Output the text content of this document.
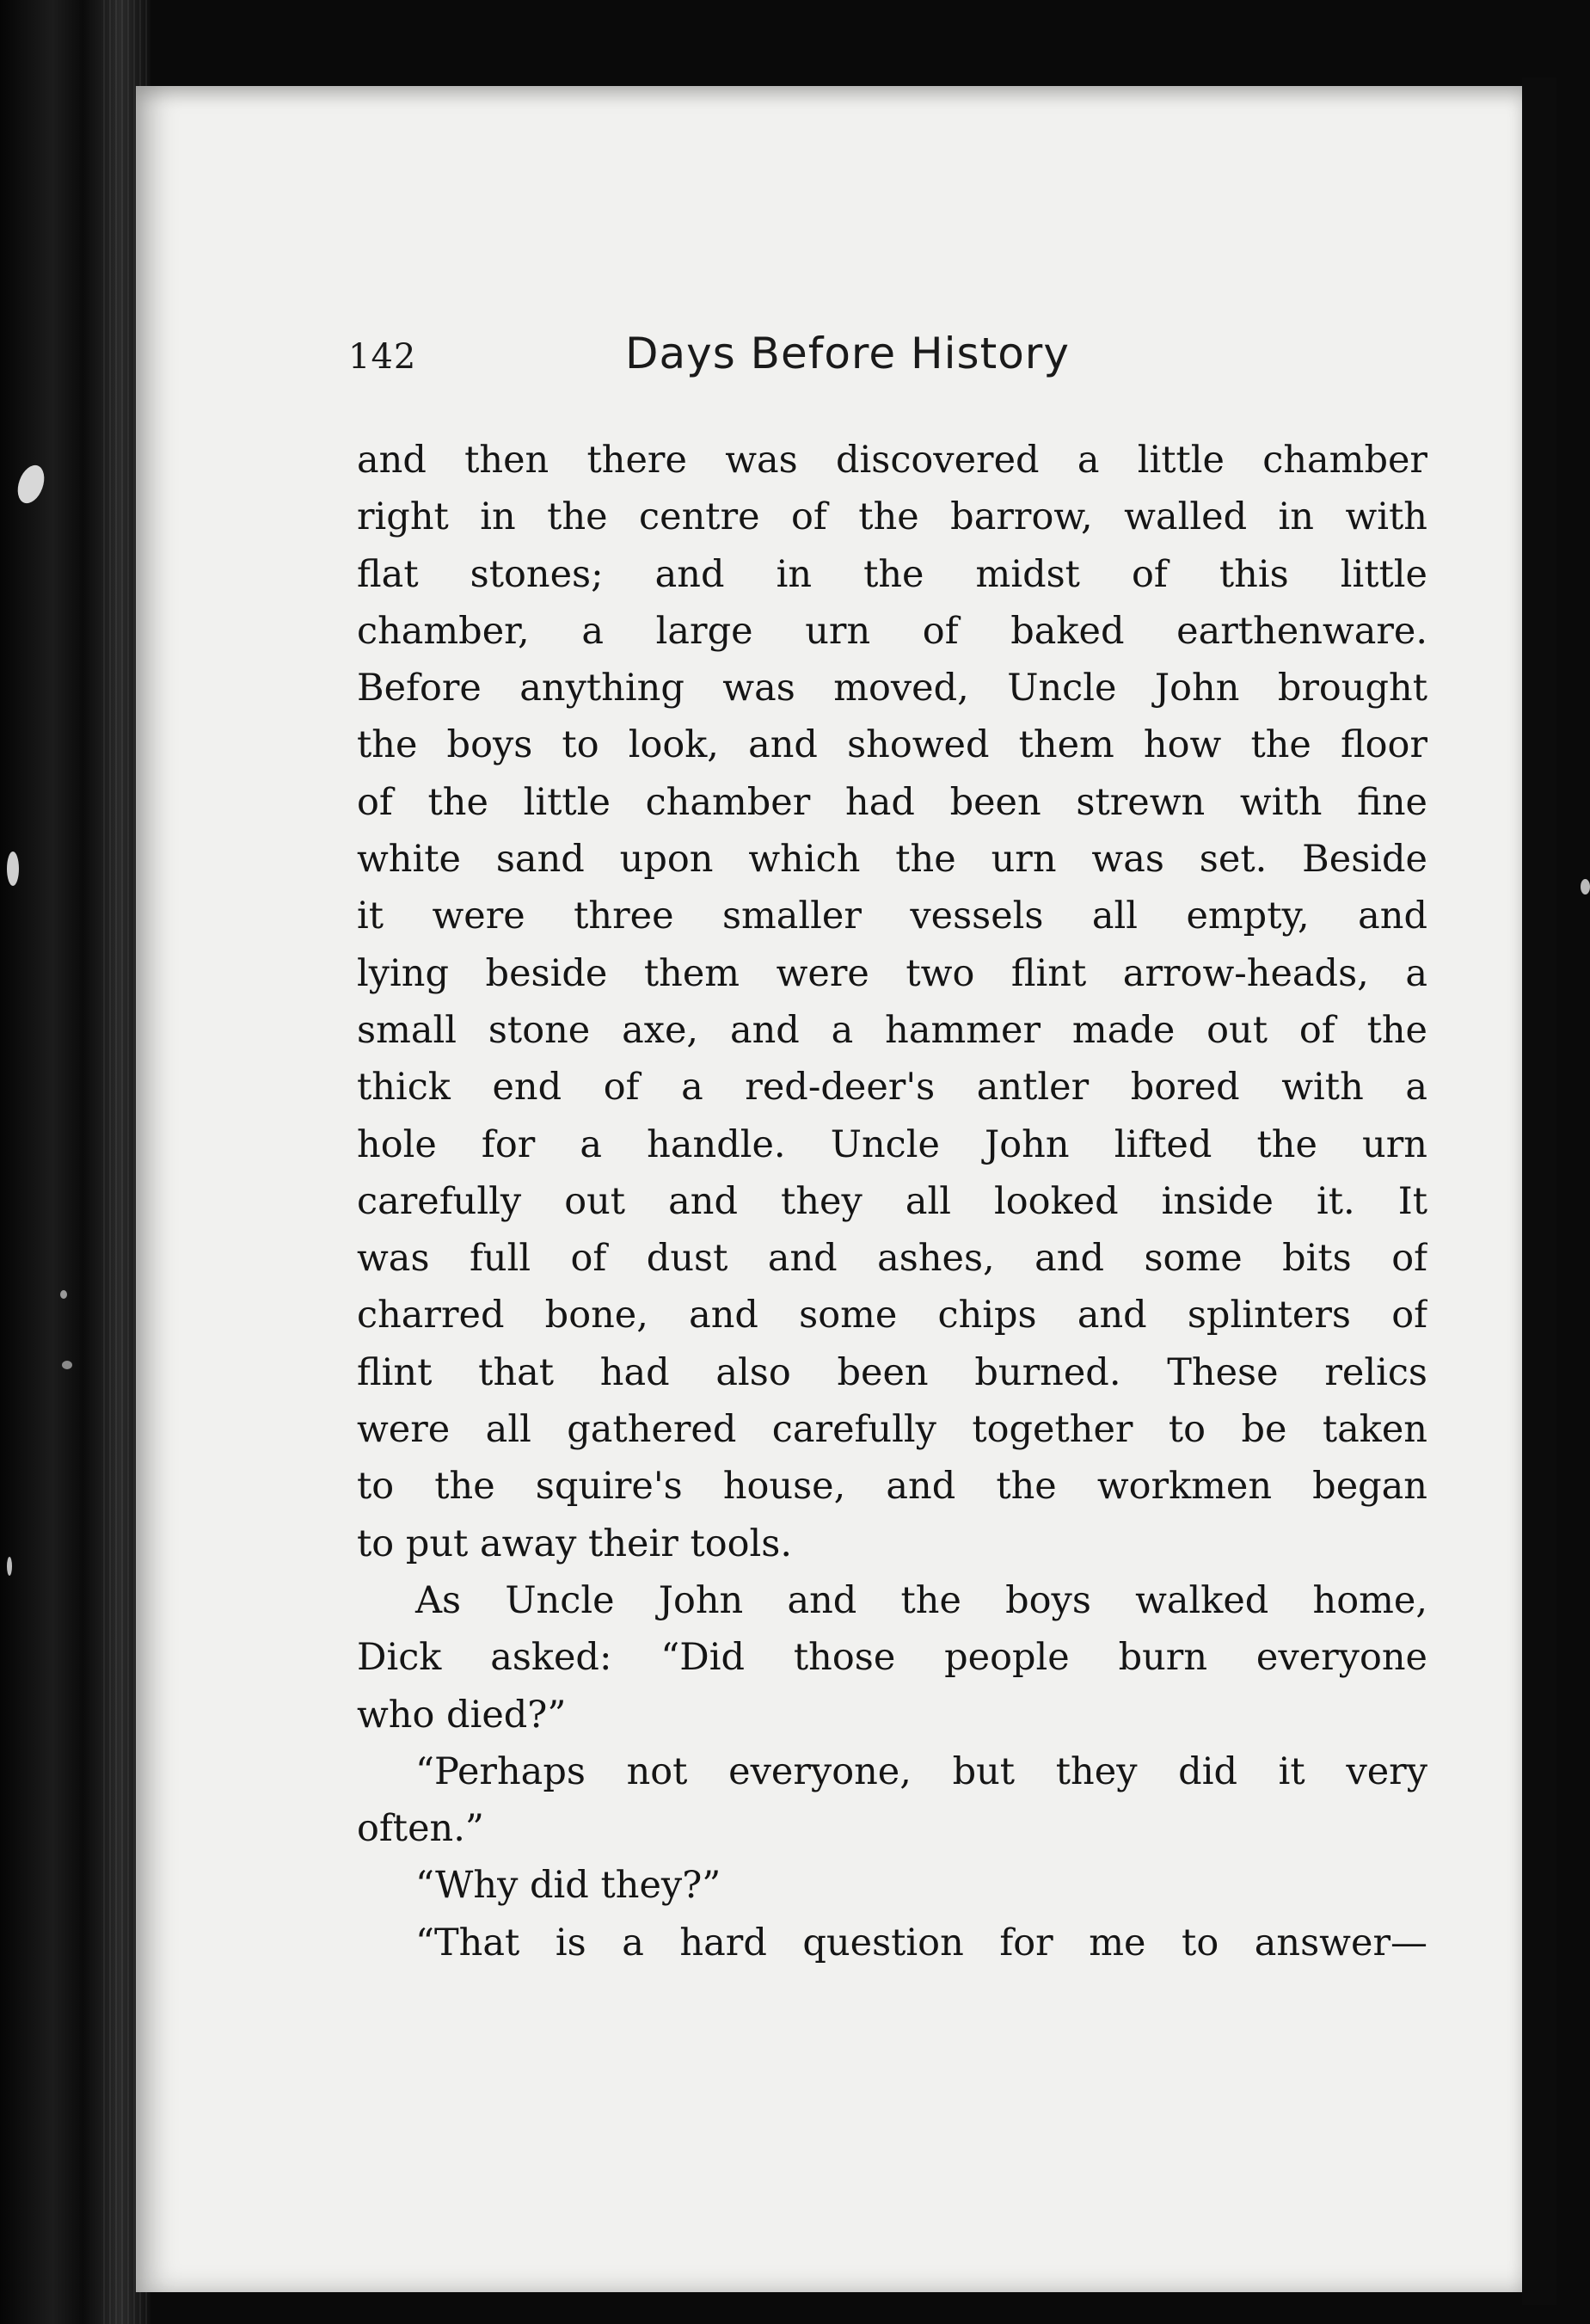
142	Days Before History
and then there was discovered a little chamber
right in the centre of the barrow, walled in with
flat stones; and in the midst of this little
chamber, a large urn of baked earthenware.
Before anything was moved, Uncle John brought
the boys to look, and showed them how the floor
of the little chamber had been strewn with fine
white sand upon which the urn was set. Beside
it were three smaller vessels all empty, and
lying beside them were two flint arrow-heads, a
small stone axe, and a hammer made out of the
thick end of a red-deer's antler bored with a
hole for a handle. Uncle John lifted the urn
carefully out and they all looked inside it. It
was full of dust and ashes, and some bits of
charred bone, and some chips and splinters of
flint that had also been burned. These relics
were all gathered carefully together to be taken
to the squire's house, and the workmen began
to put away their tools.
As Uncle John and the boys walked home,
Dick asked: “Did those people burn everyone
who died?”
“Perhaps not everyone, but they did it very
often.”
“Why did they?”
“That is a hard question for me to answer—
